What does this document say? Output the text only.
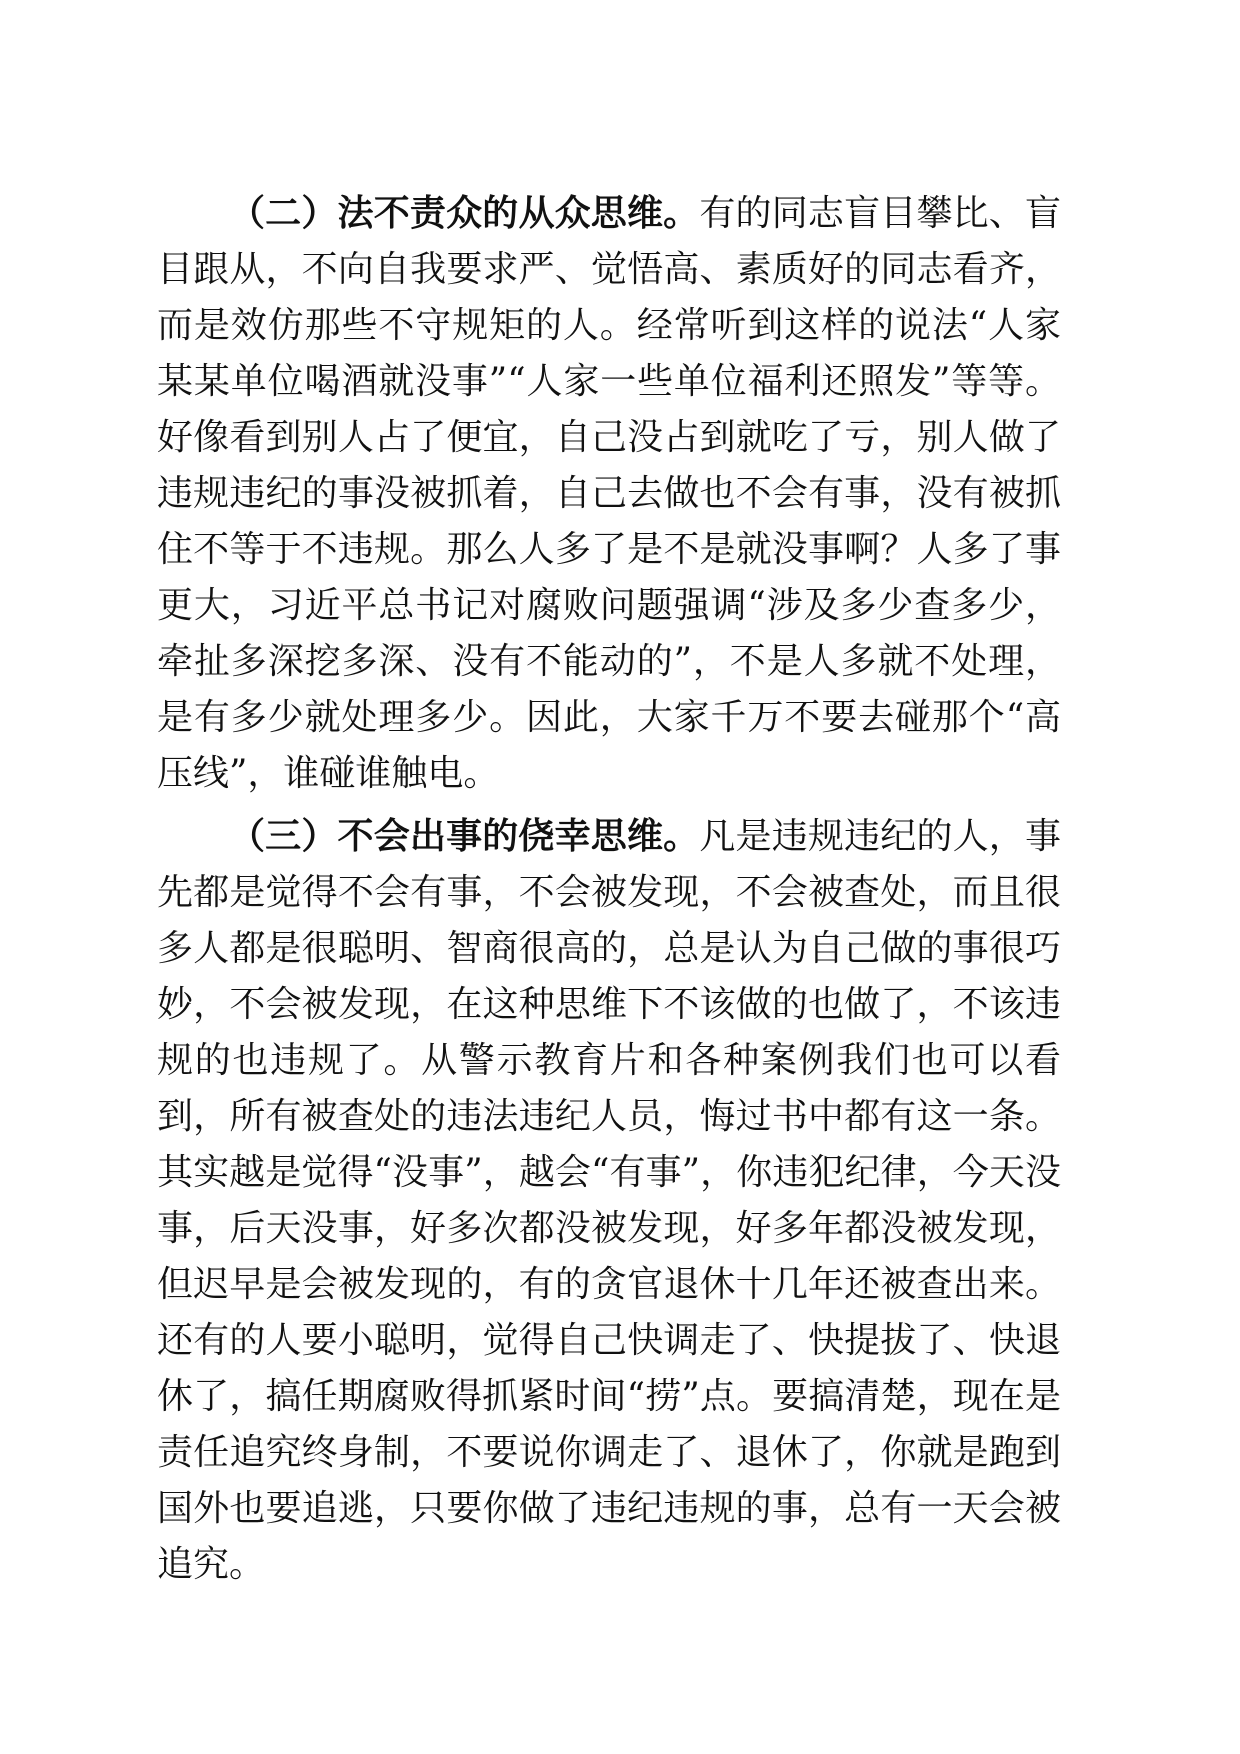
（二）法不责众的从众思维。有的同志盲目攀比、盲目跟从，不向自我要求严、觉悟高、素质好的同志看齐，而是效仿那些不守规矩的人。经常听到这样的说法“人家某某单位喝酒就没事”“人家一些单位福利还照发”等等。好像看到别人占了便宜，自己没占到就吃了亏，别人做了违规违纪的事没被抓着，自己去做也不会有事，没有被抓住不等于不违规。那么人多了是不是就没事啊？人多了事更大，习近平总书记对腐败问题强调“涉及多少查多少，牵扯多深挖多深、没有不能动的”，不是人多就不处理，是有多少就处理多少。因此，大家千万不要去碰那个“高压线”，谁碰谁触电。

（三）不会出事的侥幸思维。凡是违规违纪的人，事先都是觉得不会有事，不会被发现，不会被查处，而且很多人都是很聪明、智商很高的，总是认为自己做的事很巧妙，不会被发现，在这种思维下不该做的也做了，不该违规的也违规了。从警示教育片和各种案例我们也可以看到，所有被查处的违法违纪人员，悔过书中都有这一条。其实越是觉得“没事”，越会“有事”，你违犯纪律，今天没事，后天没事，好多次都没被发现，好多年都没被发现，但迟早是会被发现的，有的贪官退休十几年还被查出来。还有的人要小聪明，觉得自己快调走了、快提拔了、快退休了，搞任期腐败得抓紧时间“捞”点。要搞清楚，现在是责任追究终身制，不要说你调走了、退休了，你就是跑到国外也要追逃，只要你做了违纪违规的事，总有一天会被追究。
